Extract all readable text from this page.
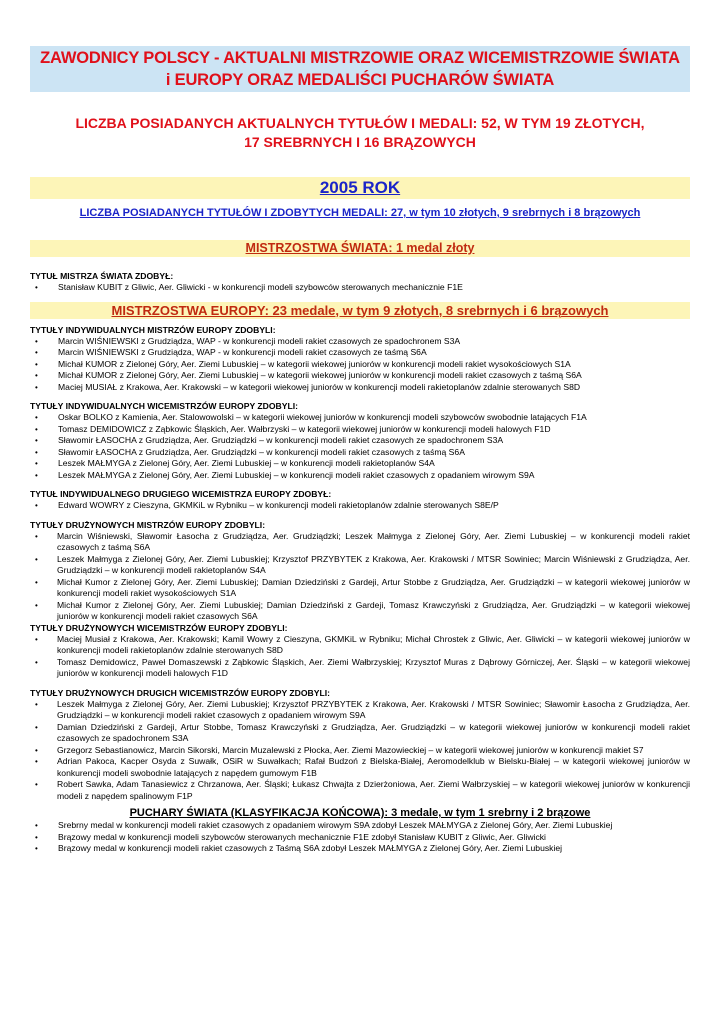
ZAWODNICY POLSCY - AKTUALNI MISTRZOWIE ORAZ WICEMISTRZOWIE ŚWIATA
i EUROPY ORAZ MEDALIŚCI PUCHARÓW ŚWIATA
LICZBA POSIADANYCH AKTUALNYCH TYTUŁÓW I MEDALI: 52, W TYM 19 ZŁOTYCH,
17 SREBRNYCH I 16 BRĄZOWYCH
2005 ROK
LICZBA POSIADANYCH TYTUŁÓW I ZDOBYTYCH MEDALI: 27, w tym 10 złotych, 9 srebrnych i 8 brązowych
MISTRZOSTWA ŚWIATA: 1 medal złoty
TYTUŁ MISTRZA ŚWIATA ZDOBYŁ:
• Stanisław KUBIT z Gliwic, Aer. Gliwicki - w konkurencji modeli szybowców sterowanych mechanicznie F1E
MISTRZOSTWA EUROPY: 23 medale, w tym 9 złotych, 8 srebrnych i 6 brązowych
TYTUŁY INDYWIDUALNYCH MISTRZÓW EUROPY ZDOBYLI:
• Marcin WIŚNIEWSKI z Grudziądza, WAP - w konkurencji modeli rakiet czasowych ze spadochronem S3A
• Marcin WIŚNIEWSKI z Grudziądza, WAP - w konkurencji modeli rakiet czasowych ze taśmą S6A
• Michał KUMOR z Zielonej Góry, Aer. Ziemi Lubuskiej – w kategorii wiekowej juniorów w konkurencji modeli rakiet wysokościowych S1A
• Michał KUMOR z Zielonej Góry, Aer. Ziemi Lubuskiej – w kategorii wiekowej juniorów w konkurencji modeli rakiet czasowych z taśmą S6A
• Maciej MUSIAŁ z Krakowa, Aer. Krakowski – w kategorii wiekowej juniorów w konkurencji modeli rakietoplanów zdalnie sterowanych S8D
TYTUŁY INDYWIDUALNYCH WICEMISTRZÓW EUROPY ZDOBYLI:
• Oskar BOLKO z Kamienia, Aer. Stalowowolski – w kategorii wiekowej juniorów w konkurencji modeli szybowców swobodnie latających F1A
• Tomasz DEMIDOWICZ z Ząbkowic Śląskich, Aer. Wałbrzyski – w kategorii wiekowej juniorów w konkurencji modeli halowych F1D
• Sławomir ŁASOCHA z Grudziądza, Aer. Grudziądzki – w konkurencji modeli rakiet czasowych ze spadochronem S3A
• Sławomir ŁASOCHA z Grudziądza, Aer. Grudziądzki – w konkurencji modeli rakiet czasowych z taśmą S6A
• Leszek MAŁMYGA z Zielonej Góry, Aer. Ziemi Lubuskiej – w konkurencji modeli rakietoplanów S4A
• Leszek MAŁMYGA z Zielonej Góry, Aer. Ziemi Lubuskiej – w konkurencji modeli rakiet czasowych z opadaniem wirowym S9A
TYTUŁ INDYWIDUALNEGO DRUGIEGO WICEMISTRZA EUROPY ZDOBYŁ:
• Edward WOWRY z Cieszyna, GKMKiL w Rybniku – w konkurencji modeli rakietoplanów zdalnie sterowanych S8E/P
TYTUŁY DRUŻYNOWYCH MISTRZÓW EUROPY ZDOBYLI:
• Marcin Wiśniewski, Sławomir Łasocha z Grudziądza, Aer. Grudziądzki; Leszek Małmyga z Zielonej Góry, Aer. Ziemi Lubuskiej – w konkurencji modeli rakiet czasowych z taśmą S6A
• Leszek Małmyga z Zielonej Góry, Aer. Ziemi Lubuskiej; Krzysztof PRZYBYTEK z Krakowa, Aer. Krakowski / MTSR Sowiniec; Marcin Wiśniewski z Grudziądza, Aer. Grudziądzki – w konkurencji modeli rakietoplanów S4A
• Michał Kumor z Zielonej Góry, Aer. Ziemi Lubuskiej; Damian Dziedziński z Gardeji, Artur Stobbe z Grudziądza, Aer. Grudziądzki – w kategorii wiekowej juniorów w konkurencji modeli rakiet wysokościowych S1A
• Michał Kumor z Zielonej Góry, Aer. Ziemi Lubuskiej; Damian Dziedziński z Gardeji, Tomasz Krawczyński z Grudziądza, Aer. Grudziądzki – w kategorii wiekowej juniorów w konkurencji modeli rakiet czasowych S6A
TYTUŁY DRUŻYNOWYCH WICEMISTRZÓW EUROPY ZDOBYLI:
• Maciej Musiał z Krakowa, Aer. Krakowski; Kamil Wowry z Cieszyna, GKMKiL w Rybniku; Michał Chrostek z Gliwic, Aer. Gliwicki – w kategorii wiekowej juniorów w konkurencji modeli rakietoplanów zdalnie sterowanych S8D
• Tomasz Demidowicz, Paweł Domaszewski z Ząbkowic Śląskich, Aer. Ziemi Wałbrzyskiej; Krzysztof Muras z Dąbrowy Górniczej, Aer. Śląski – w kategorii wiekowej juniorów w konkurencji modeli halowych F1D
TYTUŁY DRUŻYNOWYCH DRUGICH WICEMISTRZÓW EUROPY ZDOBYLI:
• Leszek Małmyga z Zielonej Góry, Aer. Ziemi Lubuskiej; Krzysztof PRZYBYTEK z Krakowa, Aer. Krakowski / MTSR Sowiniec; Sławomir Łasocha z Grudziądza, Aer. Grudziądzki – w konkurencji modeli rakiet czasowych z opadaniem wirowym S9A
• Damian Dziedziński z Gardeji, Artur Stobbe, Tomasz Krawczyński z Grudziądza, Aer. Grudziądzki – w kategorii wiekowej juniorów w konkurencji modeli rakiet czasowych ze spadochronem S3A
• Grzegorz Sebastianowicz, Marcin Sikorski, Marcin Muzalewski z Płocka, Aer. Ziemi Mazowieckiej – w kategorii wiekowej juniorów w konkurencji makiet S7
• Adrian Pakoca, Kacper Osyda z Suwałk, OSiR w Suwałkach; Rafał Budzoń z Bielska-Białej, Aeromodelklub w Bielsku-Białej – w kategorii wiekowej juniorów w konkurencji modeli swobodnie latających z napędem gumowym F1B
• Robert Sawka, Adam Tanasiewicz z Chrzanowa, Aer. Śląski; Łukasz Chwajta z Dzierżoniowa, Aer. Ziemi Wałbrzyskiej – w kategorii wiekowej juniorów w konkurencji modeli z napędem spalinowym F1P
PUCHARY ŚWIATA (KLASYFIKACJA KOŃCOWA): 3 medale, w tym 1 srebrny i 2 brązowe
• Srebrny medal w konkurencji modeli rakiet czasowych z opadaniem wirowym S9A zdobył Leszek MAŁMYGA z Zielonej Góry, Aer. Ziemi Lubuskiej
• Brązowy medal w konkurencji modeli szybowców sterowanych mechanicznie F1E zdobył Stanisław KUBIT z Gliwic, Aer. Gliwicki
• Brązowy medal w konkurencji modeli rakiet czasowych z Taśmą S6A zdobył Leszek MAŁMYGA z Zielonej Góry, Aer. Ziemi Lubuskiej
